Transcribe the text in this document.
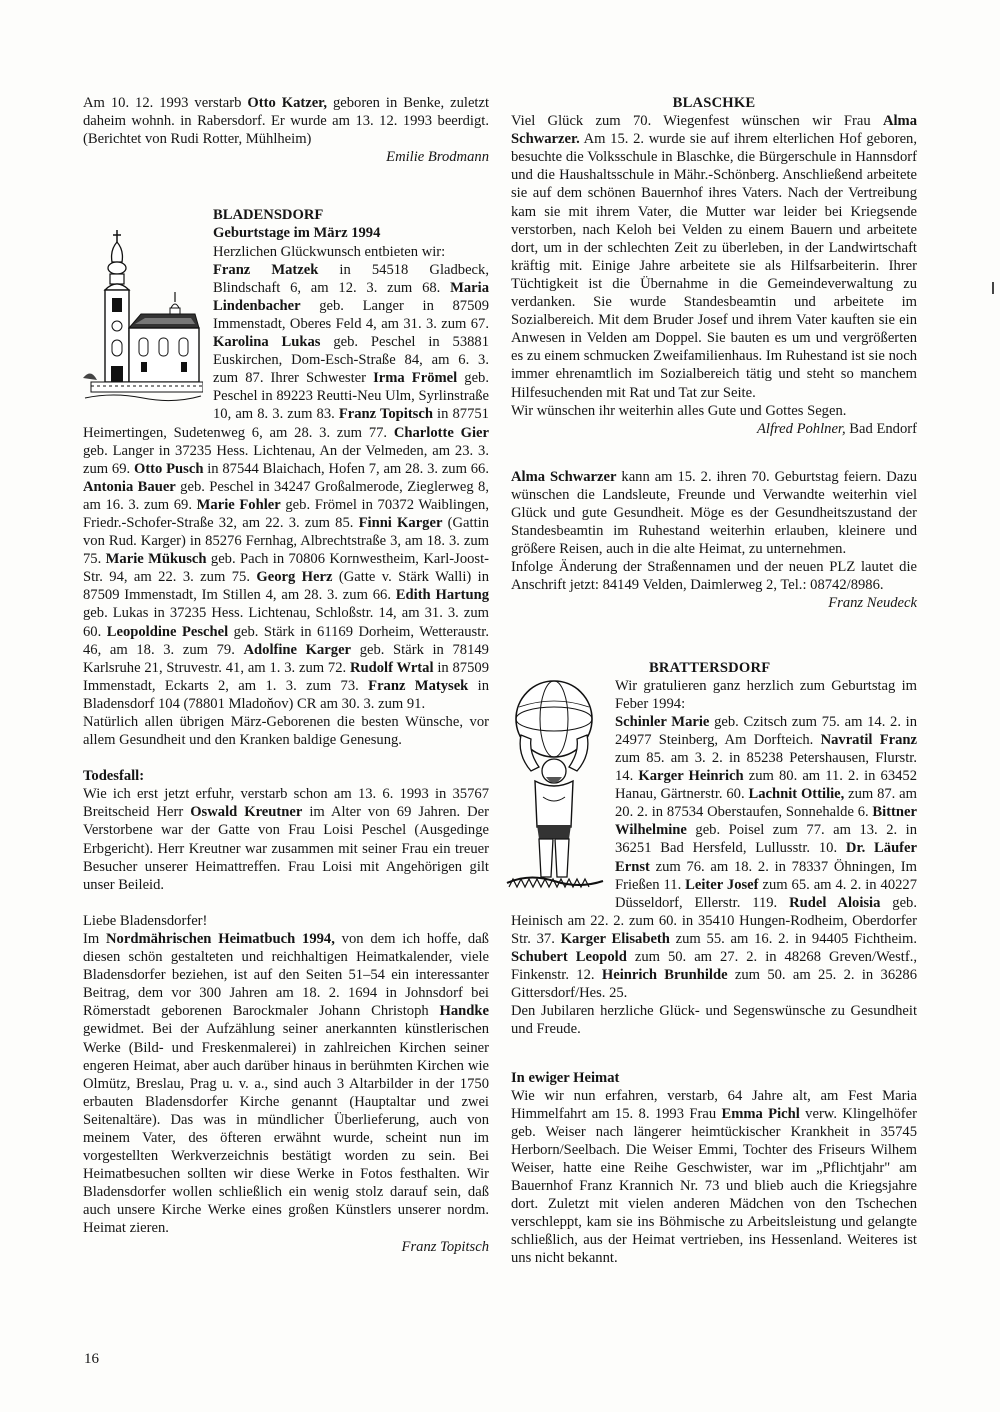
Am 10. 12. 1993 verstarb Otto Katzer, geboren in Benke, zuletzt daheim wohnh. in Rabersdorf. Er wurde am 13. 12. 1993 beerdigt. (Berichtet von Rudi Rotter, Mühlheim)

Emilie Brodmann

BLADENSDORF

Geburtstage im März 1994

Herzlichen Glückwunsch entbieten wir:
Franz Matzek in 54518 Gladbeck, Blindschaft 6, am 12. 3. zum 68. Maria Lindenbacher geb. Langer in 87509 Immenstadt, Oberes Feld 4, am 31. 3. zum 67. Karolina Lukas geb. Peschel in 53881 Euskirchen, Dom-Esch-Straße 84, am 6. 3. zum 87. Ihrer Schwester Irma Frömel geb. Peschel in 89223 Reutti-Neu Ulm, Syrlinstraße 10, am 8. 3. zum 83. Franz Topitsch in 87751 Heimertingen, Sudetenweg 6, am 28. 3. zum 77. Charlotte Gier geb. Langer in 37235 Hess. Lichtenau, An der Velmeden, am 23. 3. zum 69. Otto Pusch in 87544 Blaichach, Hofen 7, am 28. 3. zum 66. Antonia Bauer geb. Peschel in 34247 Großalmerode, Zieglerweg 8, am 16. 3. zum 69. Marie Fohler geb. Frömel in 70372 Waiblingen, Friedr.-Schofer-Straße 32, am 22. 3. zum 85. Finni Karger (Gattin von Rud. Karger) in 85276 Fernhag, Albrechtstraße 3, am 18. 3. zum 75. Marie Mükusch geb. Pach in 70806 Kornwestheim, Karl-Joost-Str. 94, am 22. 3. zum 75. Georg Herz (Gatte v. Stärk Walli) in 87509 Immenstadt, Im Stillen 4, am 28. 3. zum 66. Edith Hartung geb. Lukas in 37235 Hess. Lichtenau, Schloßstr. 14, am 31. 3. zum 60. Leopoldine Peschel geb. Stärk in 61169 Dorheim, Wetteraustr. 46, am 18. 3. zum 79. Adolfine Karger geb. Stärk in 78149 Karlsruhe 21, Struvestr. 41, am 1. 3. zum 72. Rudolf Wrtal in 87509 Immenstadt, Eckarts 2, am 1. 3. zum 73. Franz Matysek in Bladensdorf 104 (78801 Mladoňov) CR am 30. 3. zum 91.

Natürlich allen übrigen März-Geborenen die besten Wünsche, vor allem Gesundheit und den Kranken baldige Genesung.

Todesfall:

Wie ich erst jetzt erfuhr, verstarb schon am 13. 6. 1993 in 35767 Breitscheid Herr Oswald Kreutner im Alter von 69 Jahren. Der Verstorbene war der Gatte von Frau Loisi Peschel (Ausgedinge Erbgericht). Herr Kreutner war zusammen mit seiner Frau ein treuer Besucher unserer Heimattreffen. Frau Loisi mit Angehörigen gilt unser Beileid.

Liebe Bladensdorfer!

Im Nordmährischen Heimatbuch 1994, von dem ich hoffe, daß diesen schön gestalteten und reichhaltigen Heimatkalender, viele Bladensdorfer beziehen, ist auf den Seiten 51–54 ein interessanter Beitrag, dem vor 300 Jahren am 18. 2. 1694 in Johnsdorf bei Römerstadt geborenen Barockmaler Johann Christoph Handke gewidmet. Bei der Aufzählung seiner anerkannten künstlerischen Werke (Bild- und Freskenmalerei) in zahlreichen Kirchen seiner engeren Heimat, aber auch darüber hinaus in berühmten Kirchen wie Olmütz, Breslau, Prag u. v. a., sind auch 3 Altarbilder in der 1750 erbauten Bladensdorfer Kirche genannt (Hauptaltar und zwei Seitenaltäre). Das was in mündlicher Überlieferung, auch von meinem Vater, des öfteren erwähnt wurde, scheint nun im vorgestellten Werkverzeichnis bestätigt worden zu sein. Bei Heimatbesuchen sollten wir diese Werke in Fotos festhalten. Wir Bladensdorfer wollen schließlich ein wenig stolz darauf sein, daß auch unsere Kirche Werke eines großen Künstlers unserer nordm. Heimat zieren.

Franz Topitsch

BLASCHKE

Viel Glück zum 70. Wiegenfest wünschen wir Frau Alma Schwarzer. Am 15. 2. wurde sie auf ihrem elterlichen Hof geboren, besuchte die Volksschule in Blaschke, die Bürgerschule in Hannsdorf und die Haushaltsschule in Mähr.-Schönberg. Anschließend arbeitete sie auf dem schönen Bauernhof ihres Vaters. Nach der Vertreibung kam sie mit ihrem Vater, die Mutter war leider bei Kriegsende verstorben, nach Keloh bei Velden zu einem Bauern und arbeitete dort, um in der schlechten Zeit zu überleben, in der Landwirtschaft kräftig mit. Einige Jahre arbeitete sie als Hilfsarbeiterin. Ihrer Tüchtigkeit ist die Übernahme in die Gemeindeverwaltung zu verdanken. Sie wurde Standesbeamtin und arbeitete im Sozialbereich. Mit dem Bruder Josef und ihrem Vater kauften sie ein Anwesen in Velden am Doppel. Sie bauten es um und vergrößerten es zu einem schmucken Zweifamilienhaus. Im Ruhestand ist sie noch immer ehrenamtlich im Sozialbereich tätig und steht so manchem Hilfesuchenden mit Rat und Tat zur Seite.

Wir wünschen ihr weiterhin alles Gute und Gottes Segen.

Alfred Pohlner, Bad Endorf

Alma Schwarzer kann am 15. 2. ihren 70. Geburtstag feiern. Dazu wünschen die Landsleute, Freunde und Verwandte weiterhin viel Glück und gute Gesundheit. Möge es der Gesundheitszustand der Standesbeamtin im Ruhestand weiterhin erlauben, kleinere und größere Reisen, auch in die alte Heimat, zu unternehmen.

Infolge Änderung der Straßennamen und der neuen PLZ lautet die Anschrift jetzt: 84149 Velden, Daimlerweg 2, Tel.: 08742/8986.

Franz Neudeck

BRATTERSDORF

Wir gratulieren ganz herzlich zum Geburtstag im Feber 1994:
Schinler Marie geb. Czitsch zum 75. am 14. 2. in 24977 Steinberg, Am Dorfteich. Navratil Franz zum 85. am 3. 2. in 85238 Petershausen, Flurstr. 14. Karger Heinrich zum 80. am 11. 2. in 63452 Hanau, Gärtnerstr. 60. Lachnit Ottilie, zum 87. am 20. 2. in 87534 Oberstaufen, Sonnehalde 6. Bittner Wilhelmine geb. Poisel zum 77. am 13. 2. in 36251 Bad Hersfeld, Lullusstr. 10. Dr. Läufer Ernst zum 76. am 18. 2. in 78337 Öhningen, Im Frießen 11. Leiter Josef zum 65. am 4. 2. in 40227 Düsseldorf, Ellerstr. 119. Rudel Aloisia geb. Heinisch am 22. 2. zum 60. in 35410 Hungen-Rodheim, Oberdorfer Str. 37. Karger Elisabeth zum 55. am 16. 2. in 94405 Fichtheim. Schubert Leopold zum 50. am 27. 2. in 48268 Greven/Westf., Finkenstr. 12. Heinrich Brunhilde zum 50. am 25. 2. in 36286 Gittersdorf/Hes. 25.

Den Jubilaren herzliche Glück- und Segenswünsche zu Gesundheit und Freude.

In ewiger Heimat

Wie wir nun erfahren, verstarb, 64 Jahre alt, am Fest Maria Himmelfahrt am 15. 8. 1993 Frau Emma Pichl verw. Klingelhöfer geb. Weiser nach längerer heimtückischer Krankheit in 35745 Herborn/Seelbach. Die Weiser Emmi, Tochter des Friseurs Wilhem Weiser, hatte eine Reihe Geschwister, war im „Pflichtjahr" am Bauernhof Franz Krannich Nr. 73 und blieb auch die Kriegsjahre dort. Zuletzt mit vielen anderen Mädchen von den Tschechen verschleppt, kam sie ins Böhmische zu Arbeitsleistung und gelangte schließlich, aus der Heimat vertrieben, ins Hessenland. Weiteres ist uns nicht bekannt.

16
